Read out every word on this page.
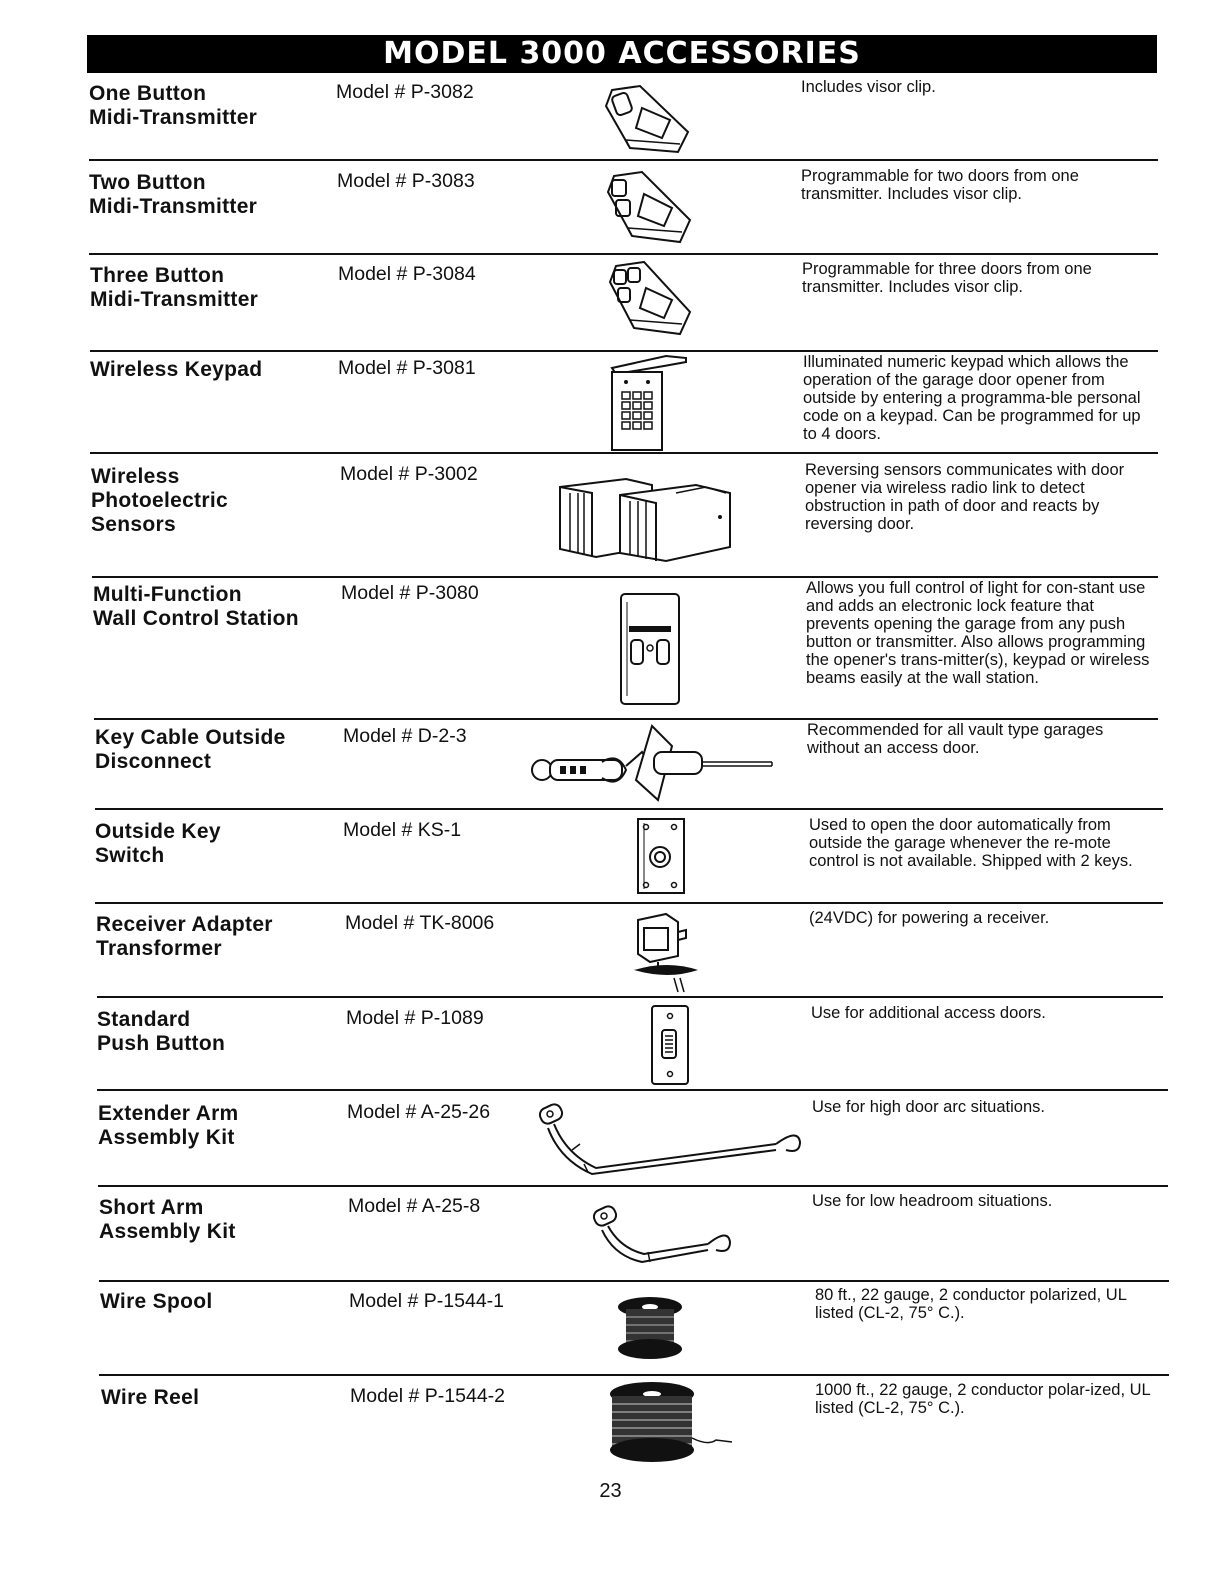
MODEL 3000 ACCESSORIES
One Button
Midi-Transmitter
Model # P-3082	Includes visor clip.
Two Button
Midi-Transmitter
Model # P-3083	Programmable for two doors from one transmitter. Includes visor clip.
Three Button
Midi-Transmitter
Model # P-3084	Programmable for three doors from one transmitter. Includes visor clip.
Wireless Keypad	Model # P-3081	Illuminated numeric keypad which allows the operation of the garage door opener from outside by entering a programma-ble personal code on a keypad. Can be programmed for up to 4 doors.
Wireless
Photoelectric
Sensors
Model # P-3002	Reversing sensors communicates with door opener via wireless radio link to detect obstruction in path of door and reacts by reversing door.
Multi-Function
Wall Control Station
Model # P-3080	Allows you full control of light for con-stant use and adds an electronic lock feature that prevents opening the garage from any push button or transmitter. Also allows programming the opener's trans-mitter(s), keypad or wireless beams easily at the wall station.
Key Cable Outside
Disconnect
Model # D-2-3	Recommended for all vault type garages without an access door.
Outside Key
Switch
Model # KS-1	Used to open the door automatically from outside the garage whenever the re-mote control is not available. Shipped with 2 keys.
Receiver Adapter
Transformer
Model # TK-8006	(24VDC) for powering a receiver.
Standard
Push Button
Model # P-1089	Use for additional access doors.
Extender Arm
Assembly Kit
Model # A-25-26	Use for high door arc situations.
Short Arm
Assembly Kit
Model # A-25-8	Use for low headroom situations.
Wire Spool	Model # P-1544-1	80 ft., 22 gauge, 2 conductor polarized, UL listed (CL-2, 75° C.).
Wire Reel	Model # P-1544-2	1000 ft., 22 gauge, 2 conductor polar-ized, UL listed (CL-2, 75° C.).
23
